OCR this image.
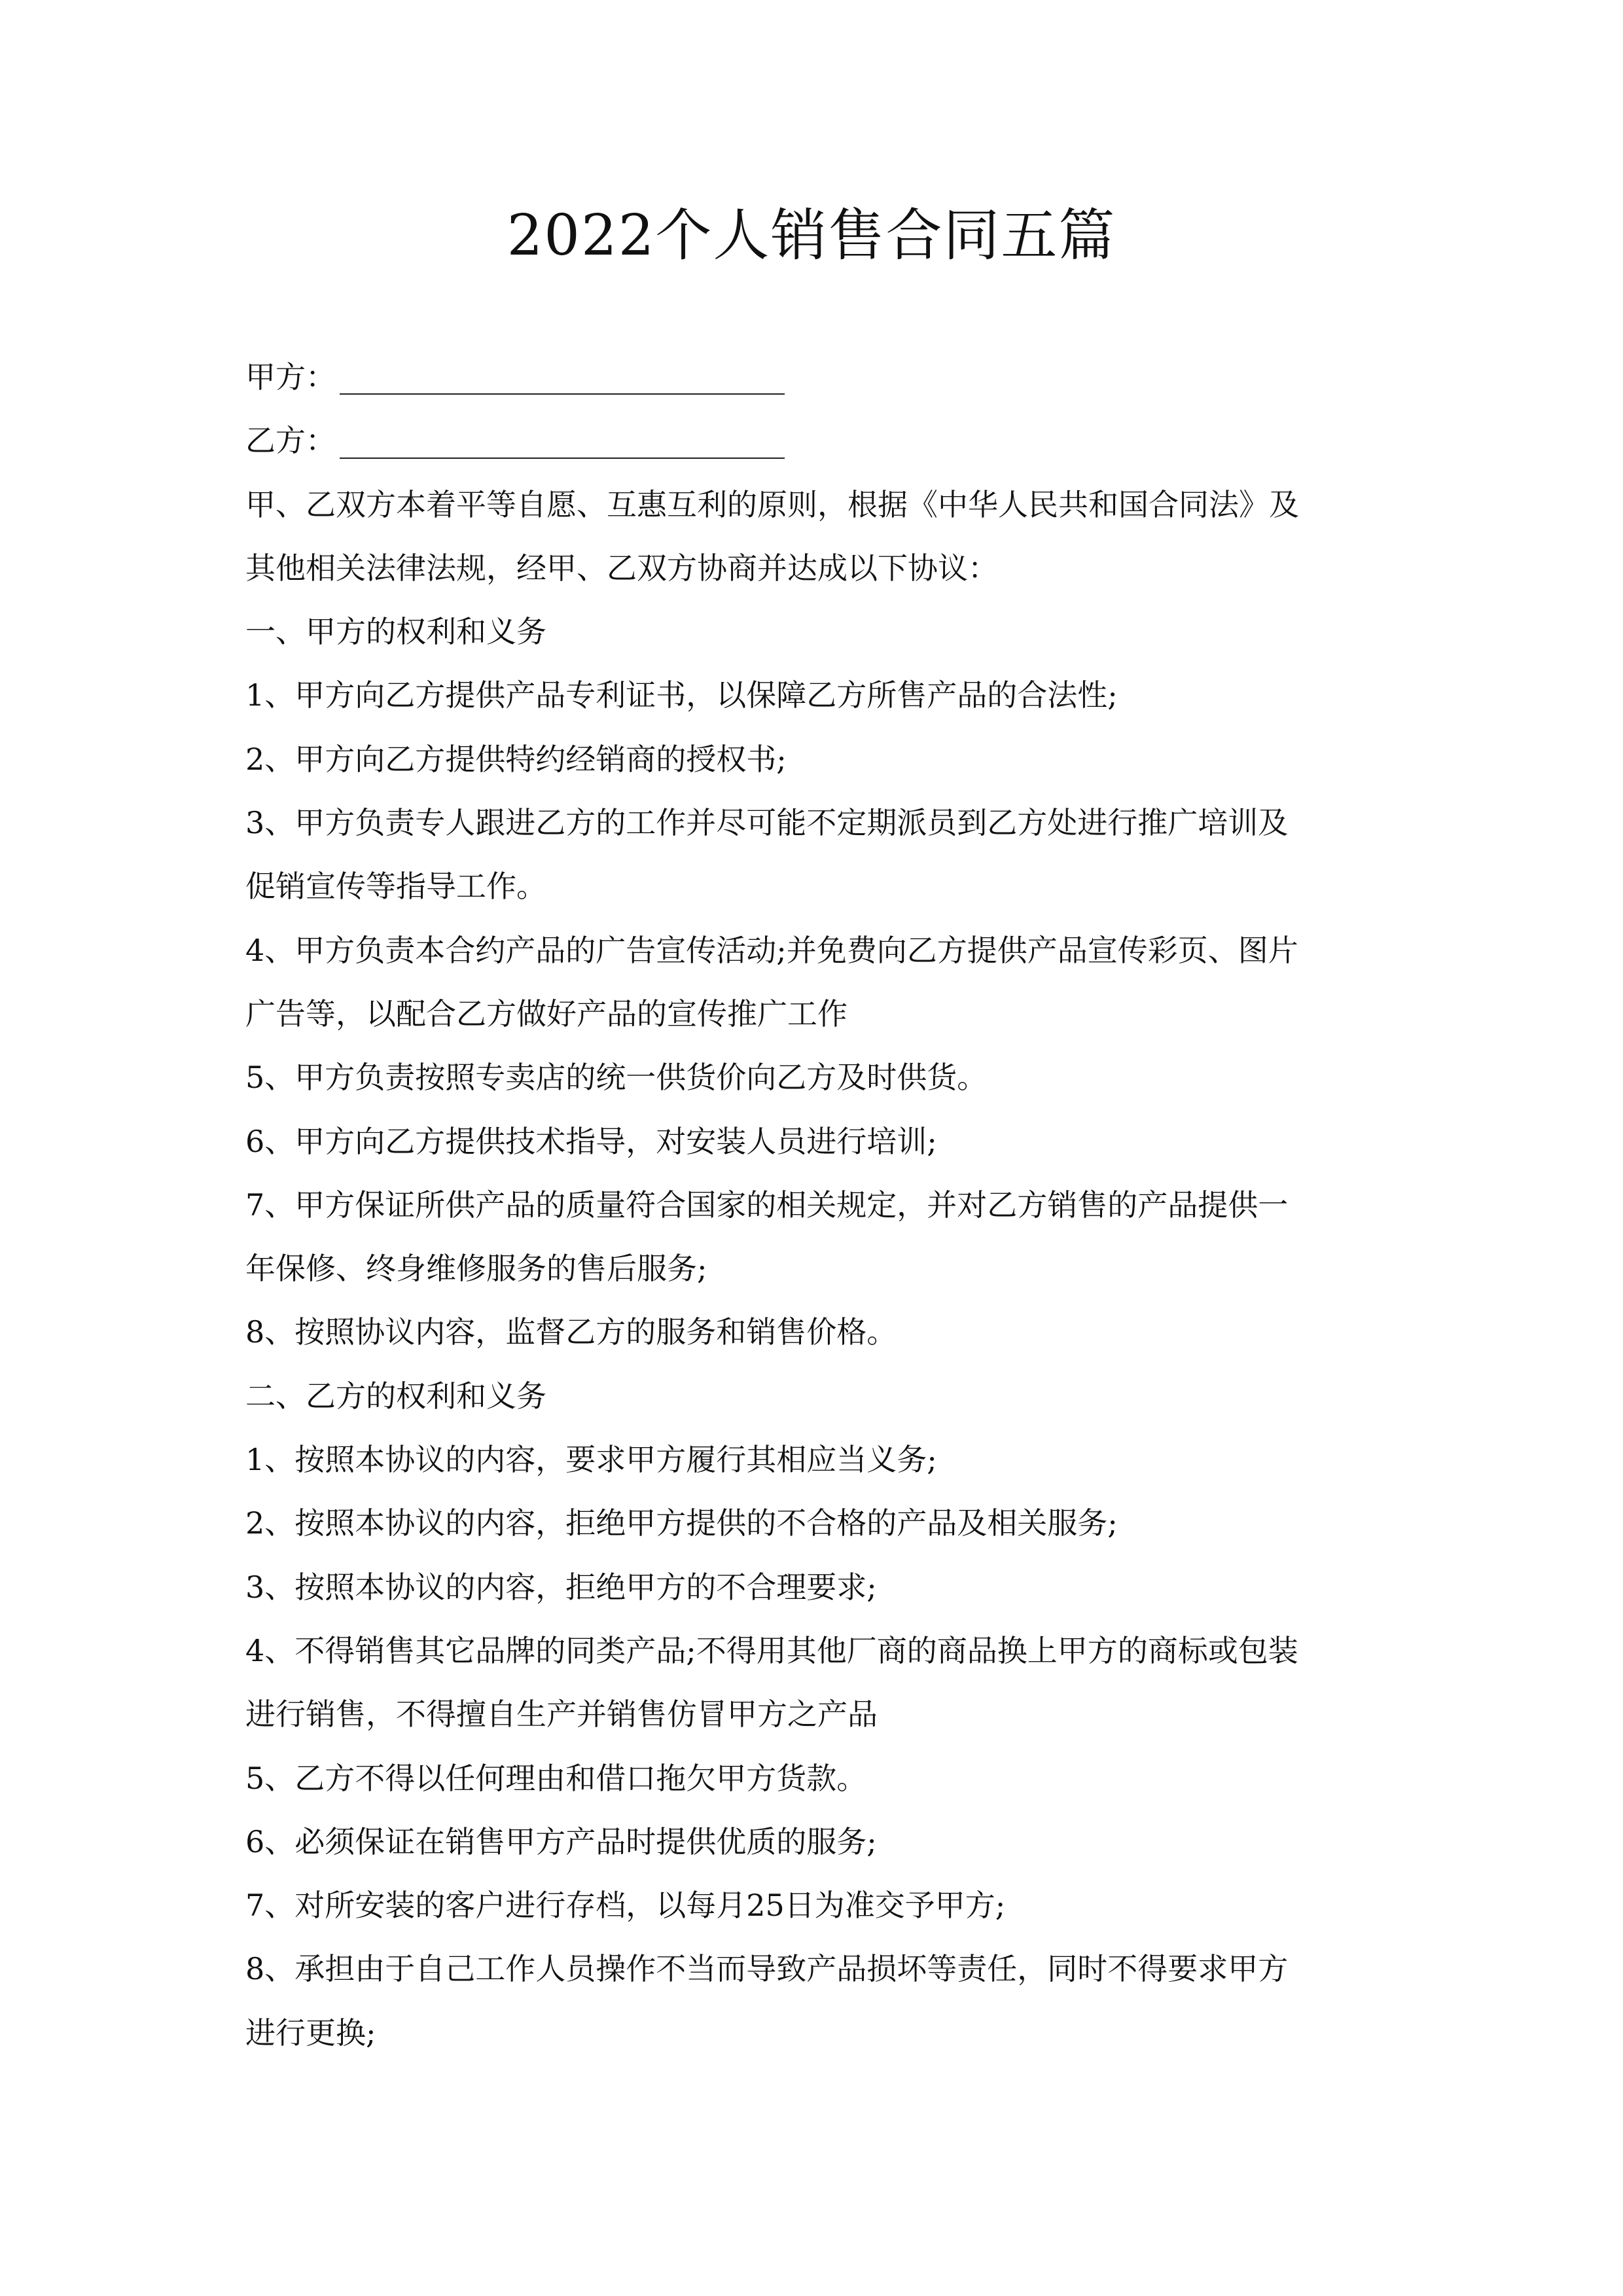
2022个人销售合同五篇
甲方：
乙方：
甲、乙双方本着平等自愿、互惠互利的原则，根据《中华人民共和国合同法》及
其他相关法律法规，经甲、乙双方协商并达成以下协议：
一、甲方的权利和义务
1、甲方向乙方提供产品专利证书，以保障乙方所售产品的合法性;
2、甲方向乙方提供特约经销商的授权书;
3、甲方负责专人跟进乙方的工作并尽可能不定期派员到乙方处进行推广培训及
促销宣传等指导工作。
4、甲方负责本合约产品的广告宣传活动;并免费向乙方提供产品宣传彩页、图片
广告等，以配合乙方做好产品的宣传推广工作
5、甲方负责按照专卖店的统一供货价向乙方及时供货。
6、甲方向乙方提供技术指导，对安装人员进行培训;
7、甲方保证所供产品的质量符合国家的相关规定，并对乙方销售的产品提供一
年保修、终身维修服务的售后服务;
8、按照协议内容，监督乙方的服务和销售价格。
二、乙方的权利和义务
1、按照本协议的内容，要求甲方履行其相应当义务;
2、按照本协议的内容，拒绝甲方提供的不合格的产品及相关服务;
3、按照本协议的内容，拒绝甲方的不合理要求;
4、不得销售其它品牌的同类产品;不得用其他厂商的商品换上甲方的商标或包装
进行销售，不得擅自生产并销售仿冒甲方之产品
5、乙方不得以任何理由和借口拖欠甲方货款。
6、必须保证在销售甲方产品时提供优质的服务;
7、对所安装的客户进行存档，以每月25日为准交予甲方;
8、承担由于自己工作人员操作不当而导致产品损坏等责任，同时不得要求甲方
进行更换;
